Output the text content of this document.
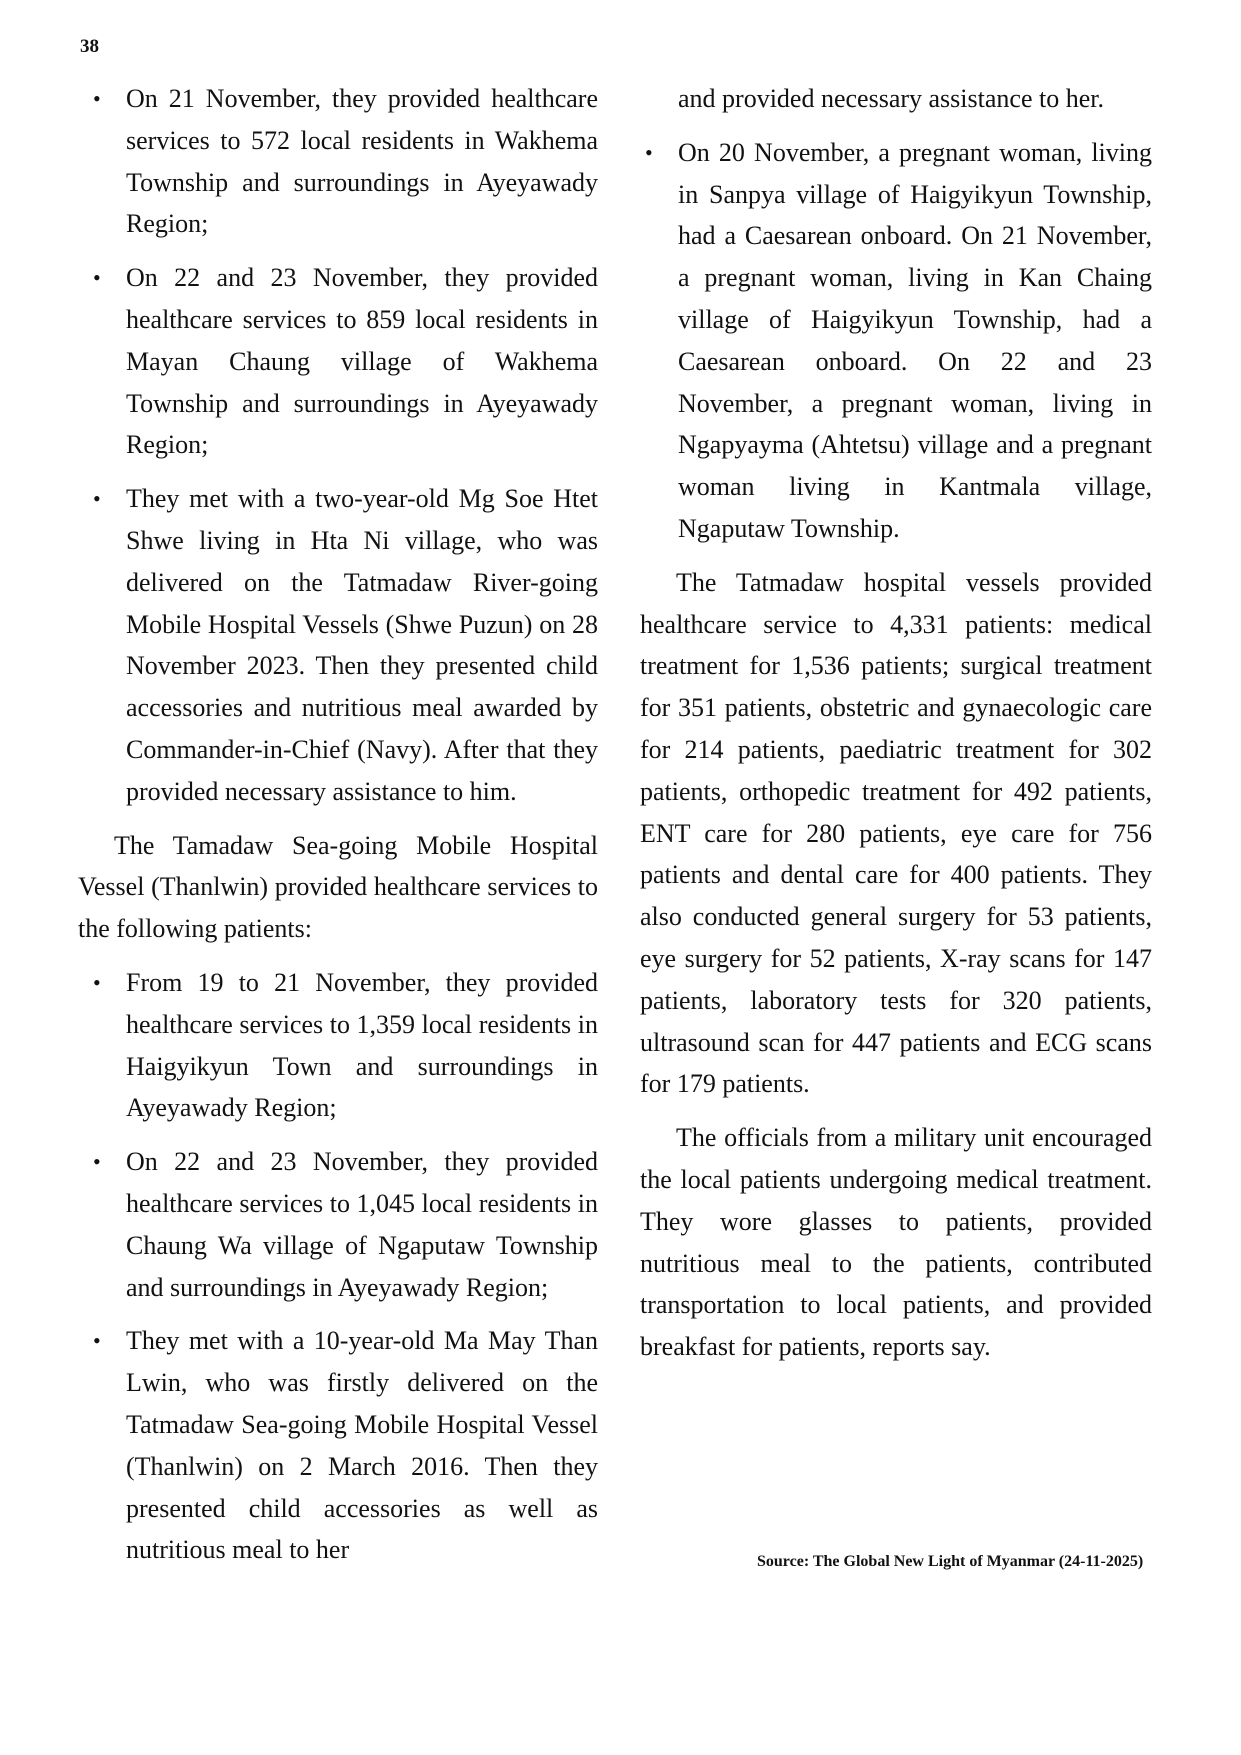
38
• On 21 November, they provided healthcare services to 572 local residents in Wakhema Township and surroundings in Ayeyawady Region;
• On 22 and 23 November, they provided healthcare services to 859 local residents in Mayan Chaung village of Wakhema Township and surroundings in Ayeyawady Region;
• They met with a two-year-old Mg Soe Htet Shwe living in Hta Ni village, who was delivered on the Tatmadaw River-going Mobile Hospital Vessels (Shwe Puzun) on 28 November 2023. Then they presented child accessories and nutritious meal awarded by Commander-in-Chief (Navy). After that they provided necessary assistance to him.

The Tamadaw Sea-going Mobile Hospital Vessel (Thanlwin) provided healthcare services to the following patients:

• From 19 to 21 November, they provided healthcare services to 1,359 local residents in Haigyikyun Town and surroundings in Ayeyawady Region;
• On 22 and 23 November, they provided healthcare services to 1,045 local residents in Chaung Wa village of Ngaputaw Township and surroundings in Ayeyawady Region;
• They met with a 10-year-old Ma May Than Lwin, who was firstly delivered on the Tatmadaw Sea-going Mobile Hospital Vessel (Thanlwin) on 2 March 2016. Then they presented child accessories as well as nutritious meal to her
and provided necessary assistance to her.
• On 20 November, a pregnant woman, living in Sanpya village of Haigyikyun Township, had a Caesarean onboard. On 21 November, a pregnant woman, living in Kan Chaing village of Haigyikyun Township, had a Caesarean onboard. On 22 and 23 November, a pregnant woman, living in Ngapyayma (Ahtetsu) village and a pregnant woman living in Kantmala village, Ngaputaw Township.

The Tatmadaw hospital vessels provided healthcare service to 4,331 patients: medical treatment for 1,536 patients; surgical treatment for 351 patients, obstetric and gynaecologic care for 214 patients, paediatric treatment for 302 patients, orthopedic treatment for 492 patients, ENT care for 280 patients, eye care for 756 patients and dental care for 400 patients. They also conducted general surgery for 53 patients, eye surgery for 52 patients, X-ray scans for 147 patients, laboratory tests for 320 patients, ultrasound scan for 447 patients and ECG scans for 179 patients.

The officials from a military unit encouraged the local patients undergoing medical treatment. They wore glasses to patients, provided nutritious meal to the patients, contributed transportation to local patients, and provided breakfast for patients, reports say.

Source: The Global New Light of Myanmar (24-11-2025)
